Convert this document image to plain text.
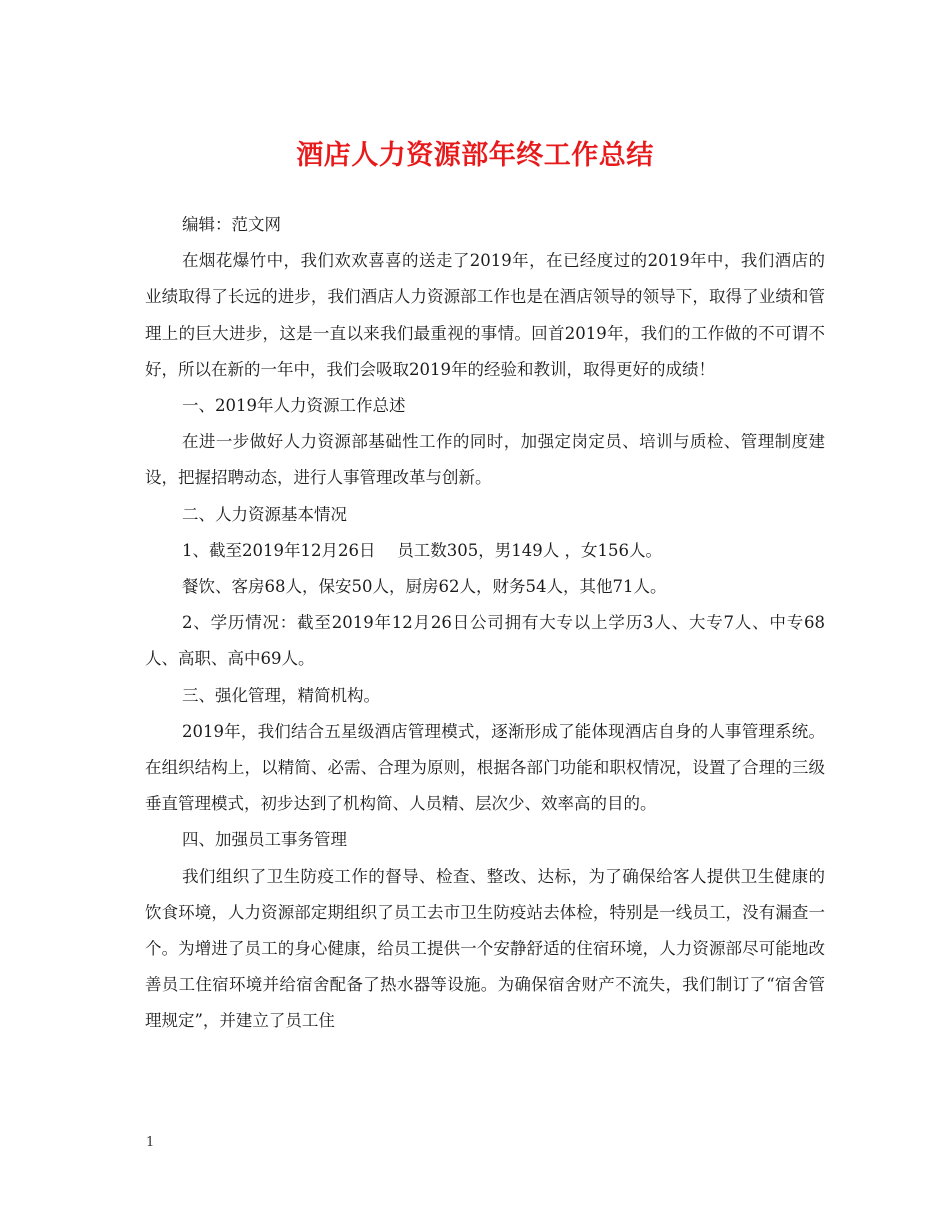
酒店人力资源部年终工作总结

编辑：范文网

在烟花爆竹中，我们欢欢喜喜的送走了2019年，在已经度过的2019年中，我们酒店的业绩取得了长远的进步，我们酒店人力资源部工作也是在酒店领导的领导下，取得了业绩和管理上的巨大进步，这是一直以来我们最重视的事情。回首2019年，我们的工作做的不可谓不好，所以在新的一年中，我们会吸取2019年的经验和教训，取得更好的成绩！

一、2019年人力资源工作总述

在进一步做好人力资源部基础性工作的同时，加强定岗定员、培训与质检、管理制度建设，把握招聘动态，进行人事管理改革与创新。

二、人力资源基本情况

1、截至2019年12月26日　 员工数305，男149人 ，女156人。

餐饮、客房68人，保安50人，厨房62人，财务54人，其他71人。

2、学历情况：截至2019年12月26日公司拥有大专以上学历3人、大专7人、中专68人、高职、高中69人。

三、强化管理，精简机构。

2019年，我们结合五星级酒店管理模式，逐渐形成了能体现酒店自身的人事管理系统。在组织结构上，以精简、必需、合理为原则，根据各部门功能和职权情况，设置了合理的三级垂直管理模式，初步达到了机构简、人员精、层次少、效率高的目的。

四、加强员工事务管理

我们组织了卫生防疫工作的督导、检查、整改、达标，为了确保给客人提供卫生健康的饮食环境，人力资源部定期组织了员工去市卫生防疫站去体检，特别是一线员工，没有漏查一个。为增进了员工的身心健康，给员工提供一个安静舒适的住宿环境，人力资源部尽可能地改善员工住宿环境并给宿舍配备了热水器等设施。为确保宿舍财产不流失，我们制订了“宿舍管理规定”，并建立了员工住

1
